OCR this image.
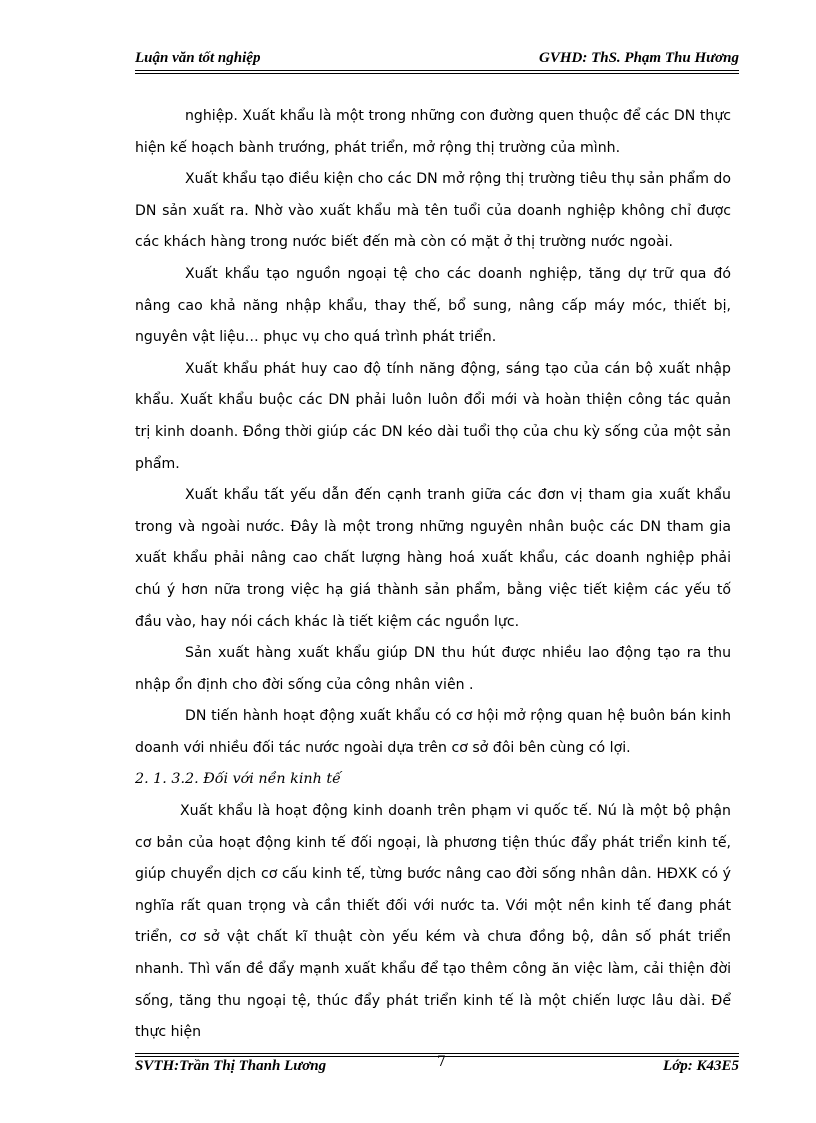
Luận văn tốt nghiệp	GVHD: ThS. Phạm Thu Hương

nghiệp. Xuất khẩu là một trong những con đường quen thuộc để các DN thực hiện kế hoạch bành trướng, phát triển, mở rộng thị trường của mình.

Xuất khẩu tạo điều kiện cho các DN mở rộng thị trường tiêu thụ sản phẩm do DN sản xuất ra. Nhờ vào xuất khẩu mà tên tuổi của doanh nghiệp không chỉ được các khách hàng trong nước biết đến mà còn có mặt ở thị trường nước ngoài.

Xuất khẩu tạo nguồn ngoại tệ cho các doanh nghiệp, tăng dự trữ qua đó nâng cao khả năng nhập khẩu, thay thế, bổ sung, nâng cấp máy móc, thiết bị, nguyên vật liệu… phục vụ cho quá trình phát triển.

Xuất khẩu phát huy cao độ tính năng động, sáng tạo của cán bộ xuất nhập khẩu. Xuất khẩu buộc các DN phải luôn luôn đổi mới và hoàn thiện công tác quản trị kinh doanh. Đồng thời giúp các DN kéo dài tuổi thọ của chu kỳ sống của một sản phẩm.

Xuất khẩu tất yếu dẫn đến cạnh tranh giữa các đơn vị tham gia xuất khẩu trong và ngoài nước. Đây là một trong những nguyên nhân buộc các DN tham gia xuất khẩu phải nâng cao chất lượng hàng hoá xuất khẩu, các doanh nghiệp phải chú ý hơn nữa trong việc hạ giá thành sản phẩm, bằng việc tiết kiệm các yếu tố đầu vào, hay nói cách khác là tiết kiệm các nguồn lực.

Sản xuất hàng xuất khẩu giúp DN thu hút được nhiều lao động tạo ra thu nhập ổn định cho đời sống của công nhân viên .

DN tiến hành hoạt động xuất khẩu có cơ hội mở rộng quan hệ buôn bán kinh doanh với nhiều đối tác nước ngoài dựa trên cơ sở đôi bên cùng có lợi.

2. 1. 3.2. Đối với nền kinh tế

Xuất khẩu là hoạt động kinh doanh trên phạm vi quốc tế. Nú là một bộ phận cơ bản của hoạt động kinh tế đối ngoại, là phương tiện thúc đẩy phát triển kinh tế, giúp chuyển dịch cơ cấu kinh tế, từng bước nâng cao đời sống nhân dân. HĐXK có ý nghĩa rất quan trọng và cần thiết đối với nước ta. Với một nền kinh tế đang phát triển, cơ sở vật chất kĩ thuật còn yếu kém và chưa đồng bộ, dân số phát triển nhanh. Thì vấn đề đẩy mạnh xuất khẩu để tạo thêm công ăn việc làm, cải thiện đời sống, tăng thu ngoại tệ, thúc đẩy phát triển kinh tế là một chiến lược lâu dài. Để thực hiện

SVTH:Trần Thị Thanh Lương	7	Lớp: K43E5
